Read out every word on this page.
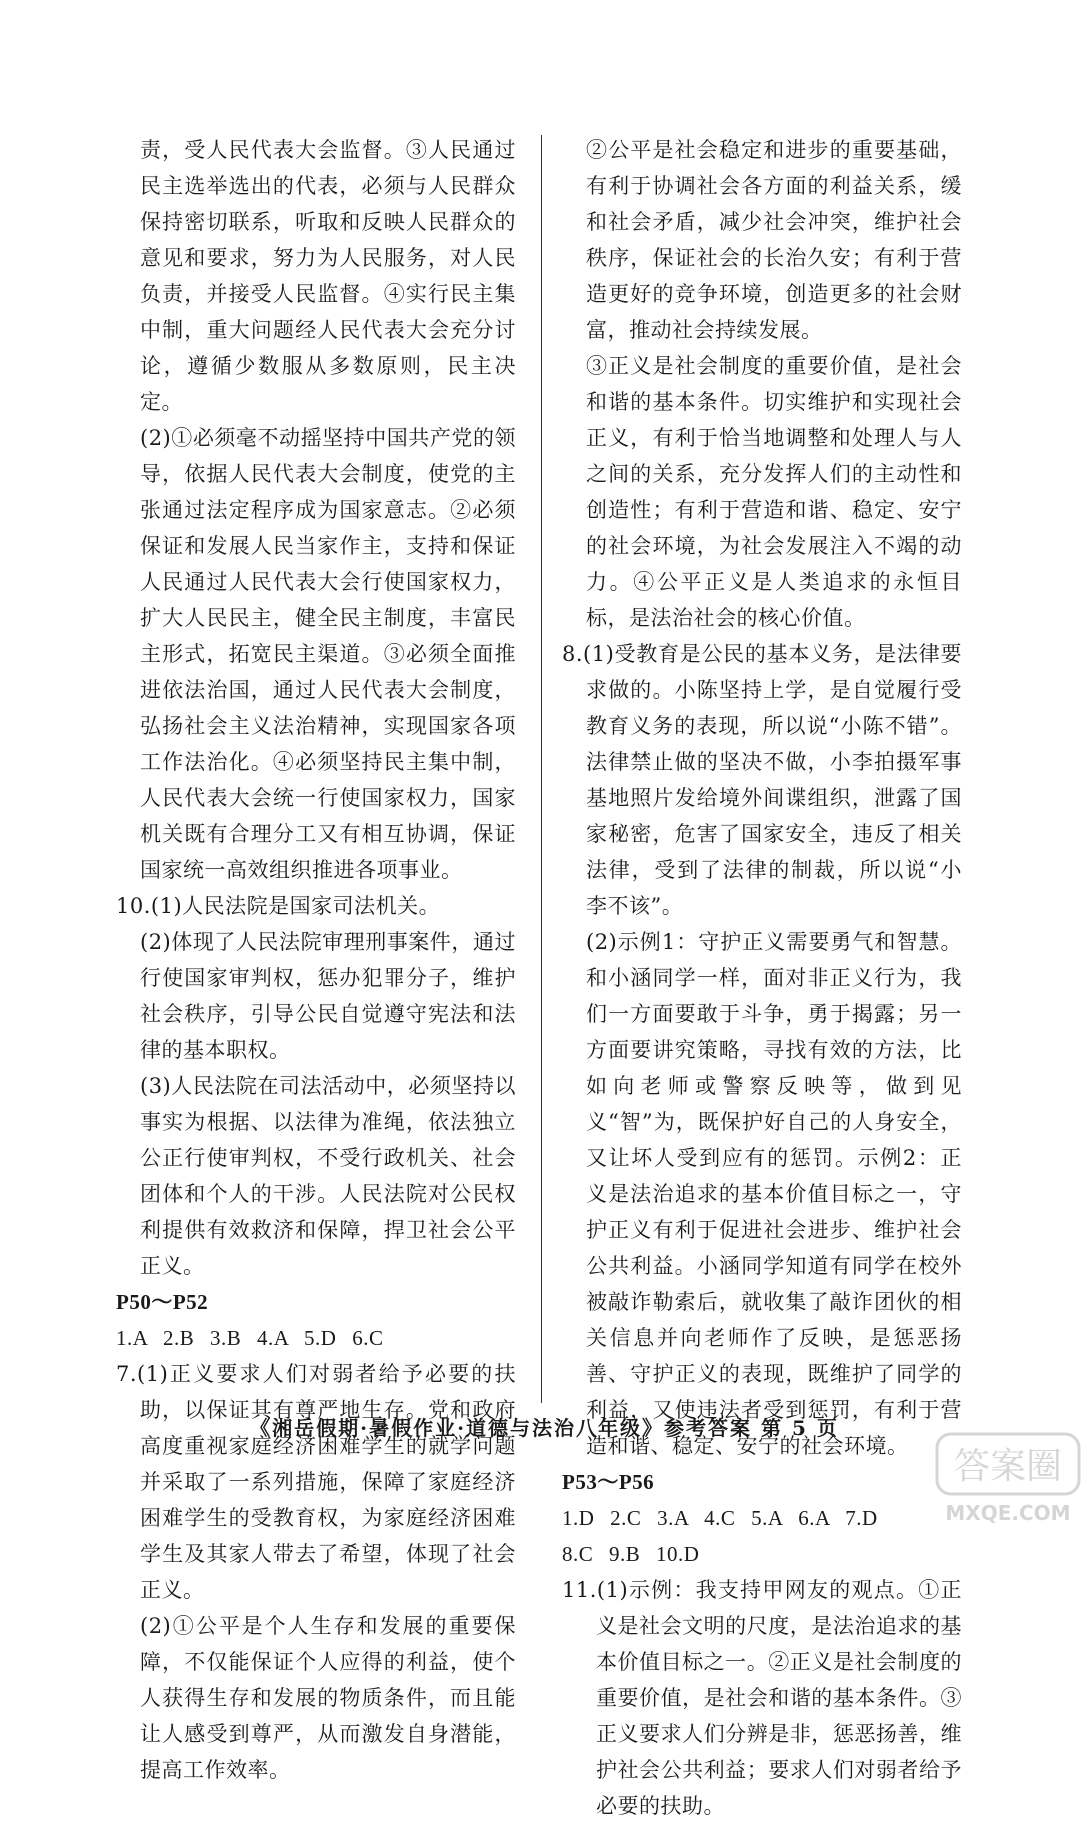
责，受人民代表大会监督。③人民通过民主选举选出的代表，必须与人民群众保持密切联系，听取和反映人民群众的意见和要求，努力为人民服务，对人民负责，并接受人民监督。④实行民主集中制，重大问题经人民代表大会充分讨论，遵循少数服从多数原则，民主决定。

(2)①必须毫不动摇坚持中国共产党的领导，依据人民代表大会制度，使党的主张通过法定程序成为国家意志。②必须保证和发展人民当家作主，支持和保证人民通过人民代表大会行使国家权力，扩大人民民主，健全民主制度，丰富民主形式，拓宽民主渠道。③必须全面推进依法治国，通过人民代表大会制度，弘扬社会主义法治精神，实现国家各项工作法治化。④必须坚持民主集中制，人民代表大会统一行使国家权力，国家机关既有合理分工又有相互协调，保证国家统一高效组织推进各项事业。

10.(1)人民法院是国家司法机关。

(2)体现了人民法院审理刑事案件，通过行使国家审判权，惩办犯罪分子，维护社会秩序，引导公民自觉遵守宪法和法律的基本职权。

(3)人民法院在司法活动中，必须坚持以事实为根据、以法律为准绳，依法独立公正行使审判权，不受行政机关、社会团体和个人的干涉。人民法院对公民权利提供有效救济和保障，捍卫社会公平正义。

P50～P52

1.A 2.B 3.B 4.A 5.D 6.C

7.(1)正义要求人们对弱者给予必要的扶助，以保证其有尊严地生存。党和政府高度重视家庭经济困难学生的就学问题并采取了一系列措施，保障了家庭经济困难学生的受教育权，为家庭经济困难学生及其家人带去了希望，体现了社会正义。

(2)①公平是个人生存和发展的重要保障，不仅能保证个人应得的利益，使个人获得生存和发展的物质条件，而且能让人感受到尊严，从而激发自身潜能，提高工作效率。

②公平是社会稳定和进步的重要基础，有利于协调社会各方面的利益关系，缓和社会矛盾，减少社会冲突，维护社会秩序，保证社会的长治久安；有利于营造更好的竞争环境，创造更多的社会财富，推动社会持续发展。

③正义是社会制度的重要价值，是社会和谐的基本条件。切实维护和实现社会正义，有利于恰当地调整和处理人与人之间的关系，充分发挥人们的主动性和创造性；有利于营造和谐、稳定、安宁的社会环境，为社会发展注入不竭的动力。④公平正义是人类追求的永恒目标，是法治社会的核心价值。

8.(1)受教育是公民的基本义务，是法律要求做的。小陈坚持上学，是自觉履行受教育义务的表现，所以说“小陈不错”。法律禁止做的坚决不做，小李拍摄军事基地照片发给境外间谍组织，泄露了国家秘密，危害了国家安全，违反了相关法律，受到了法律的制裁，所以说“小李不该”。

(2)示例1：守护正义需要勇气和智慧。和小涵同学一样，面对非正义行为，我们一方面要敢于斗争，勇于揭露；另一方面要讲究策略，寻找有效的方法，比如向老师或警察反映等，做到见义“智”为，既保护好自己的人身安全，又让坏人受到应有的惩罚。示例2：正义是法治追求的基本价值目标之一，守护正义有利于促进社会进步、维护社会公共利益。小涵同学知道有同学在校外被敲诈勒索后，就收集了敲诈团伙的相关信息并向老师作了反映，是惩恶扬善、守护正义的表现，既维护了同学的利益，又使违法者受到惩罚，有利于营造和谐、稳定、安宁的社会环境。

P53～P56

1.D 2.C 3.A 4.C 5.A 6.A 7.D

8.C 9.B 10.D

11.(1)示例：我支持甲网友的观点。①正义是社会文明的尺度，是法治追求的基本价值目标之一。②正义是社会制度的重要价值，是社会和谐的基本条件。③正义要求人们分辨是非，惩恶扬善，维护社会公共利益；要求人们对弱者给予必要的扶助。

《湘岳假期·暑假作业·道德与法治八年级》参考答案 第 5 页
答案圈
MXQE.COM
